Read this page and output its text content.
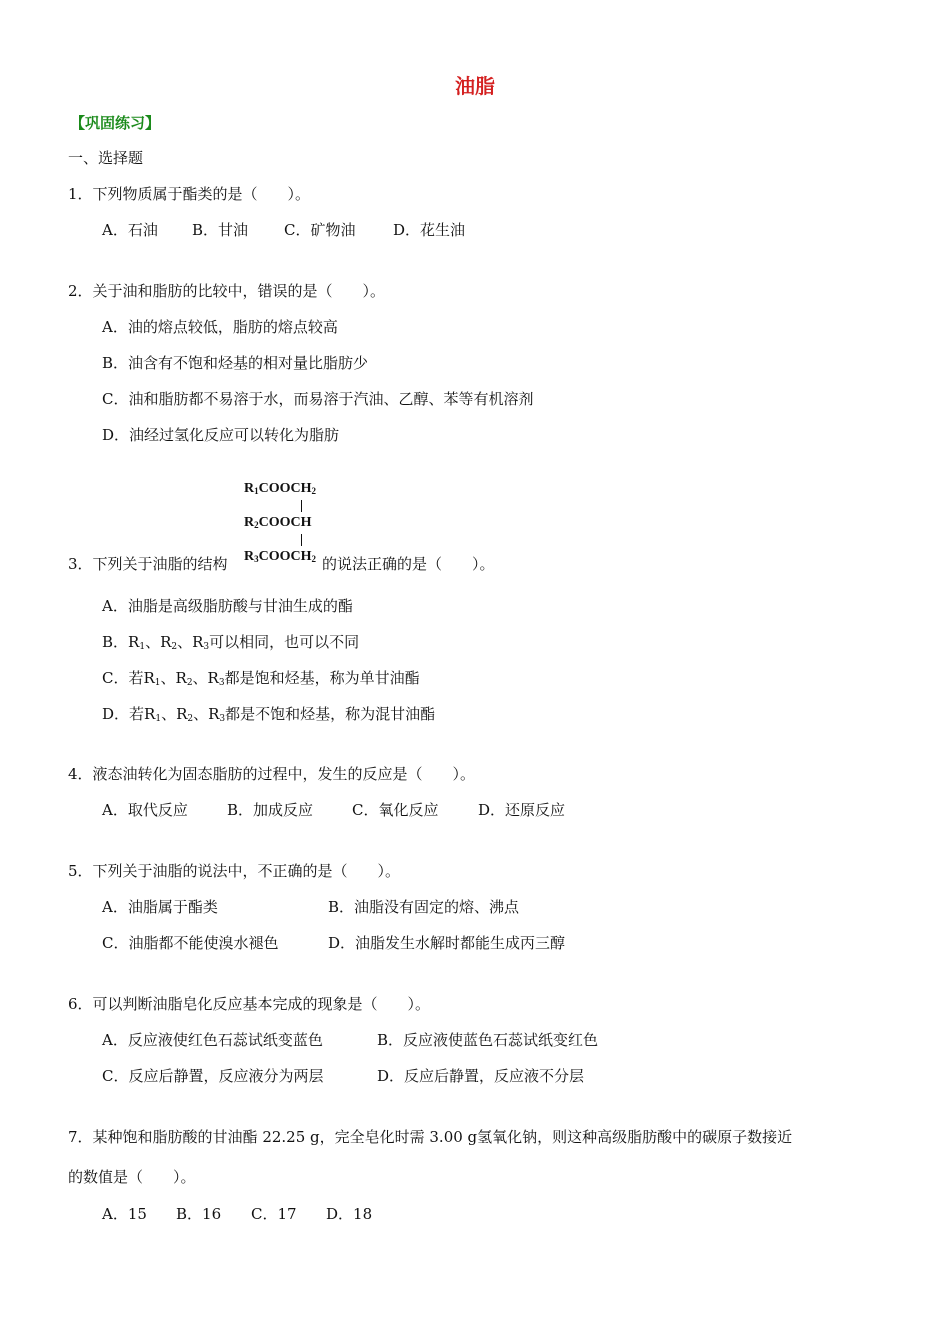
油脂
【巩固练习】
一、选择题
1．下列物质属于酯类的是（　　）。
A．石油 B．甘油 C．矿物油	D．花生油
2．关于油和脂肪的比较中，错误的是（　　）。
A．油的熔点较低，脂肪的熔点较高
B．油含有不饱和烃基的相对量比脂肪少
C．油和脂肪都不易溶于水，而易溶于汽油、乙醇、苯等有机溶剂
D．油经过氢化反应可以转化为脂肪
$R_1COOCH_2$
$R_2COOCH$
$R_3COOCH_2$
3．下列关于油脂的结构	的说法正确的是（　　）。
A．油脂是高级脂肪酸与甘油生成的酯
B．$R_1$、$R_2$、$R_3$可以相同，也可以不同
C．若$R_1$、$R_2$、$R_3$都是饱和烃基，称为单甘油酯
D．若$R_1$、$R_2$、$R_3$都是不饱和烃基，称为混甘油酯
4．液态油转化为固态脂肪的过程中，发生的反应是（　　）。
A．取代反应	B．加成反应	C．氧化反应	D．还原反应
5．下列关于油脂的说法中，不正确的是（　　）。
A．油脂属于酯类	B．油脂没有固定的熔、沸点
C．油脂都不能使溴水褪色	D．油脂发生水解时都能生成丙三醇
6．可以判断油脂皂化反应基本完成的现象是（　　）。
A．反应液使红色石蕊试纸变蓝色	B．反应液使蓝色石蕊试纸变红色
C．反应后静置，反应液分为两层	D．反应后静置，反应液不分层
7．某种饱和脂肪酸的甘油酯 22.25 g，完全皂化时需 3.00 g氢氧化钠，则这种高级脂肪酸中的碳原子数接近
的数值是（　　）。
A．15 B．16 C．17 D．18
